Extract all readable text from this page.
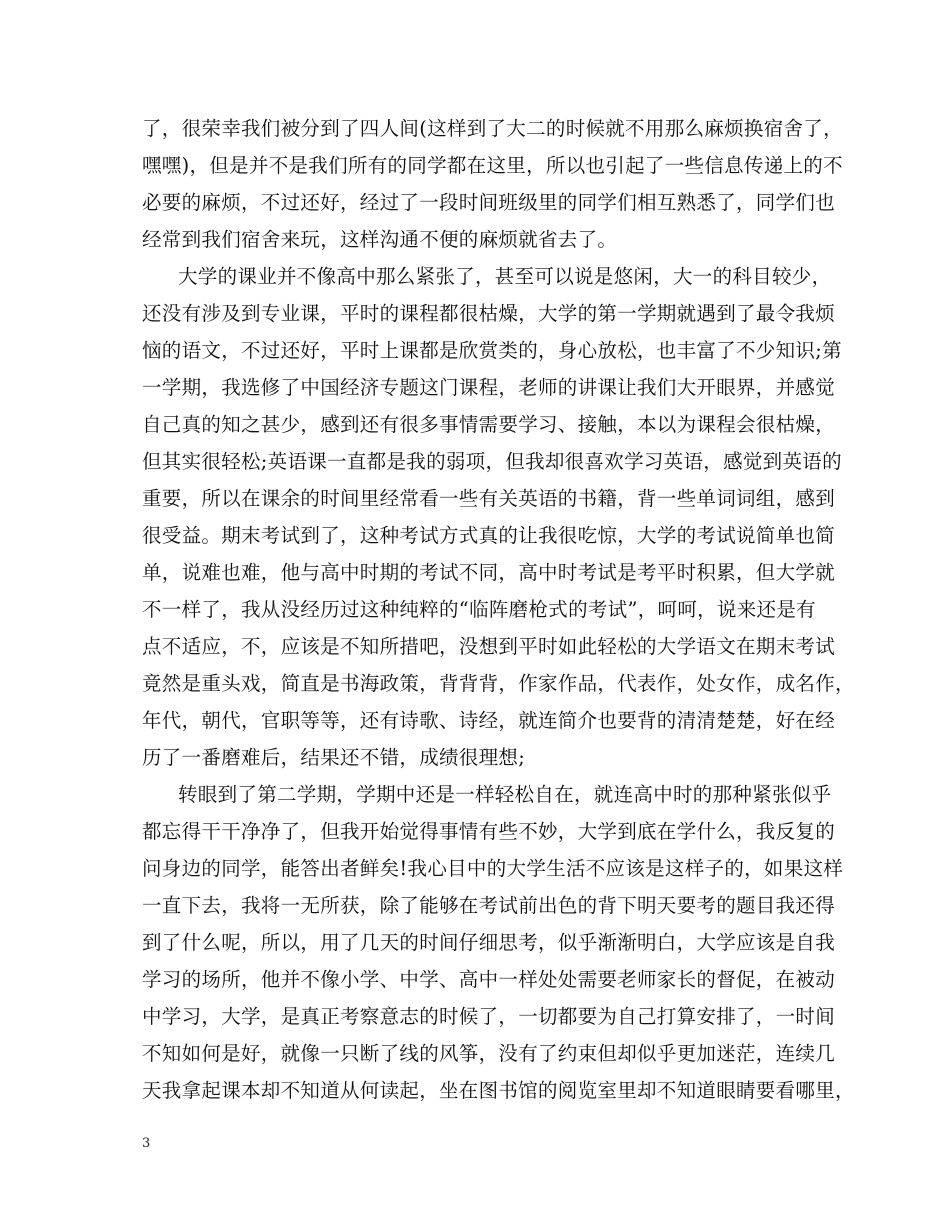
了，很荣幸我们被分到了四人间(这样到了大二的时候就不用那么麻烦换宿舍了，
嘿嘿)，但是并不是我们所有的同学都在这里，所以也引起了一些信息传递上的不
必要的麻烦，不过还好，经过了一段时间班级里的同学们相互熟悉了，同学们也
经常到我们宿舍来玩，这样沟通不便的麻烦就省去了。
大学的课业并不像高中那么紧张了，甚至可以说是悠闲，大一的科目较少，
还没有涉及到专业课，平时的课程都很枯燥，大学的第一学期就遇到了最令我烦
恼的语文，不过还好，平时上课都是欣赏类的，身心放松，也丰富了不少知识;第
一学期，我选修了中国经济专题这门课程，老师的讲课让我们大开眼界，并感觉
自己真的知之甚少，感到还有很多事情需要学习、接触，本以为课程会很枯燥，
但其实很轻松;英语课一直都是我的弱项，但我却很喜欢学习英语，感觉到英语的
重要，所以在课余的时间里经常看一些有关英语的书籍，背一些单词词组，感到
很受益。期末考试到了，这种考试方式真的让我很吃惊，大学的考试说简单也简
单，说难也难，他与高中时期的考试不同，高中时考试是考平时积累，但大学就
不一样了，我从没经历过这种纯粹的“临阵磨枪式的考试”，呵呵，说来还是有
点不适应，不，应该是不知所措吧，没想到平时如此轻松的大学语文在期末考试
竟然是重头戏，简直是书海政策，背背背，作家作品，代表作，处女作，成名作，
年代，朝代，官职等等，还有诗歌、诗经，就连简介也要背的清清楚楚，好在经
历了一番磨难后，结果还不错，成绩很理想;
转眼到了第二学期，学期中还是一样轻松自在，就连高中时的那种紧张似乎
都忘得干干净净了，但我开始觉得事情有些不妙，大学到底在学什么，我反复的
问身边的同学，能答出者鲜矣!我心目中的大学生活不应该是这样子的，如果这样
一直下去，我将一无所获，除了能够在考试前出色的背下明天要考的题目我还得
到了什么呢，所以，用了几天的时间仔细思考，似乎渐渐明白，大学应该是自我
学习的场所，他并不像小学、中学、高中一样处处需要老师家长的督促，在被动
中学习，大学，是真正考察意志的时候了，一切都要为自己打算安排了，一时间
不知如何是好，就像一只断了线的风筝，没有了约束但却似乎更加迷茫，连续几
天我拿起课本却不知道从何读起，坐在图书馆的阅览室里却不知道眼睛要看哪里，
3
